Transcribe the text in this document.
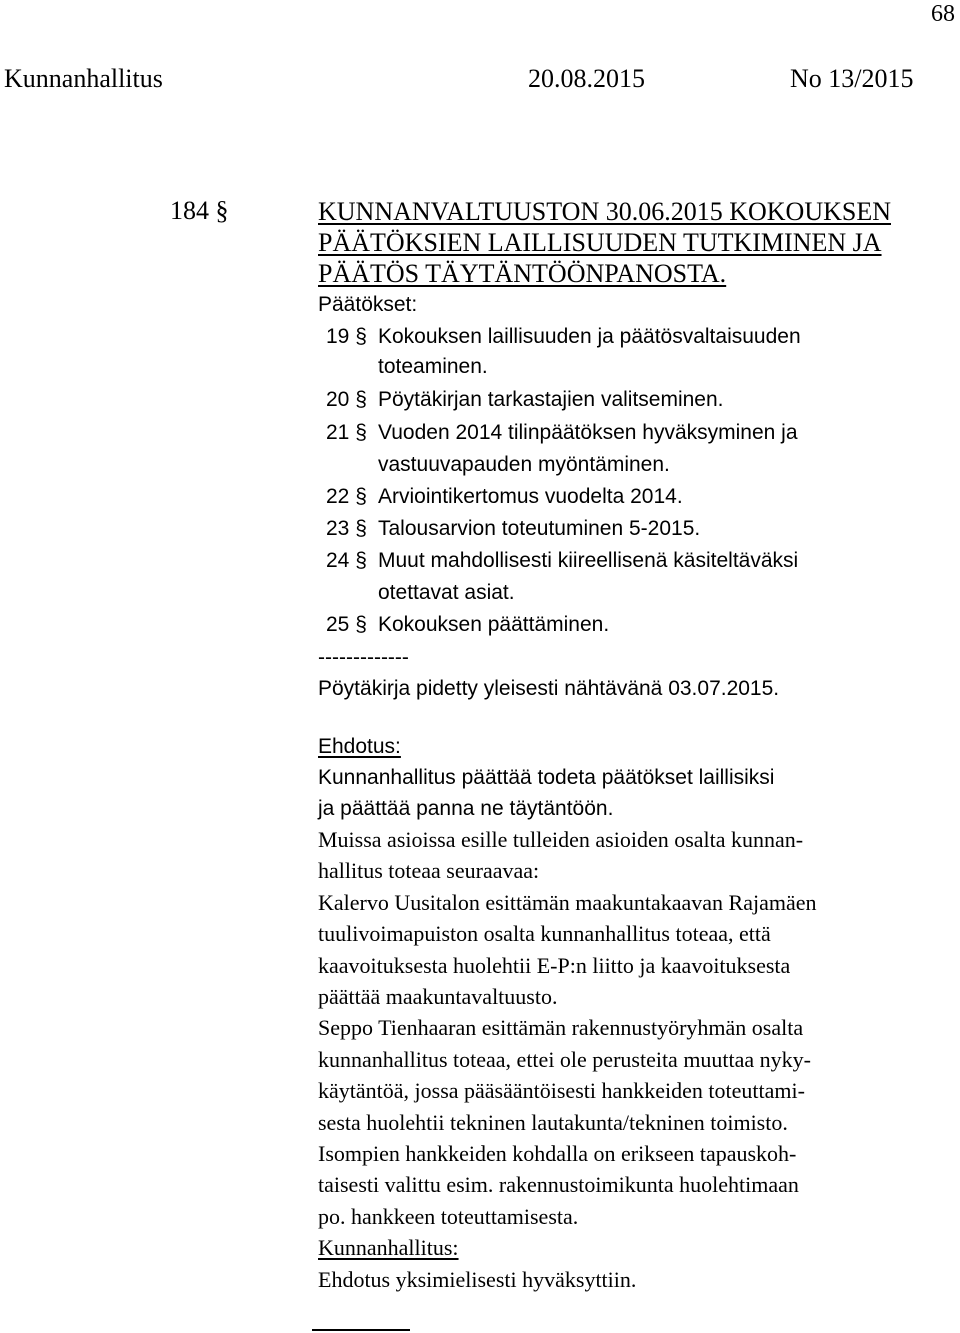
68
Kunnanhallitus	20.08.2015	No 13/2015
184 §	KUNNANVALTUUSTON 30.06.2015 KOKOUKSEN
PÄÄTÖKSIEN LAILLISUUDEN TUTKIMINEN JA
PÄÄTÖS TÄYTÄNTÖÖNPANOSTA.
Päätökset:
19 § Kokouksen laillisuuden ja päätösvaltaisuuden
toteaminen.
20 § Pöytäkirjan tarkastajien valitseminen.
21 § Vuoden 2014 tilinpäätöksen hyväksyminen ja
vastuuvapauden myöntäminen.
22 § Arviointikertomus vuodelta 2014.
23 § Talousarvion toteutuminen 5-2015.
24 § Muut mahdollisesti kiireellisenä käsiteltäväksi
otettavat asiat.
25 § Kokouksen päättäminen.
-------------
Pöytäkirja pidetty yleisesti nähtävänä 03.07.2015.
Ehdotus:
Kunnanhallitus päättää todeta päätökset laillisiksi
ja päättää panna ne täytäntöön.
Muissa asioissa esille tulleiden asioiden osalta kunnan-
hallitus toteaa seuraavaa:
Kalervo Uusitalon esittämän maakuntakaavan Rajamäen
tuulivoimapuiston osalta kunnanhallitus toteaa, että
kaavoituksesta huolehtii E-P:n liitto ja kaavoituksesta
päättää maakuntavaltuusto.
Seppo Tienhaaran esittämän rakennustyöryhmän osalta
kunnanhallitus toteaa, ettei ole perusteita muuttaa nyky-
käytäntöä, jossa pääsääntöisesti hankkeiden toteuttami-
sesta huolehtii tekninen lautakunta/tekninen toimisto.
Isompien hankkeiden kohdalla on erikseen tapauskoh-
taisesti valittu esim. rakennustoimikunta huolehtimaan
po. hankkeen toteuttamisesta.
Kunnanhallitus:
Ehdotus yksimielisesti hyväksyttiin.
